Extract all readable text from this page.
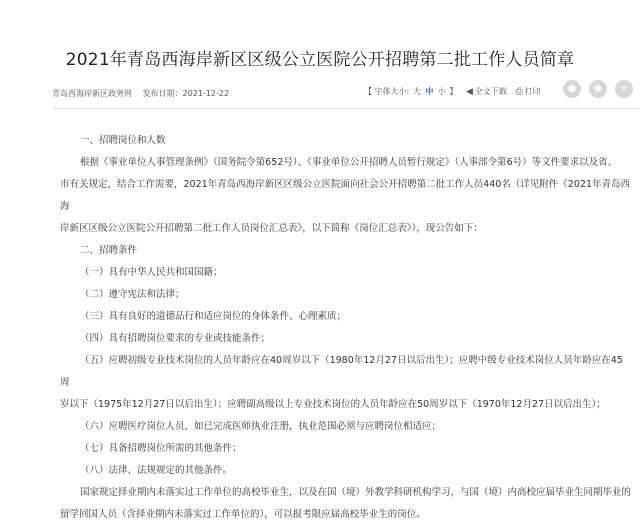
2021年青岛西海岸新区区级公立医院公开招聘第二批工作人员简章
青岛西海岸新区政务网 发布日期：2021-12-22	【 字体大小: 大 中 小 】 ◀ 全文下载 ⎙ 打印	●	◉	+

一、招聘岗位和人数

根据《事业单位人事管理条例》（国务院令第652号）、《事业单位公开招聘人员暂行规定》（人事部令第6号）等文件要求以及省、

市有关规定，结合工作需要，2021年青岛西海岸新区区级公立医院面向社会公开招聘第二批工作人员440名（详见附件《2021年青岛西海

岸新区区级公立医院公开招聘第二批工作人员岗位汇总表》，以下简称《岗位汇总表》），现公告如下：

二、招聘条件

（一）具有中华人民共和国国籍；

（二）遵守宪法和法律；

（三）具有良好的道德品行和适应岗位的身体条件、心理素质；

（四）具有招聘岗位要求的专业或技能条件；

（五）应聘初级专业技术岗位的人员年龄应在40周岁以下（1980年12月27日以后出生）；应聘中级专业技术岗位人员年龄应在45周

岁以下（1975年12月27日以后出生）；应聘副高级以上专业技术岗位的人员年龄应在50周岁以下（1970年12月27日以后出生）；

（六）应聘医疗岗位人员，如已完成医师执业注册，执业范围必须与应聘岗位相适应；

（七）具备招聘岗位所需的其他条件；

（八）法律、法规规定的其他条件。

国家规定择业期内未落实过工作单位的高校毕业生，以及在国（境）外教学科研机构学习，与国（境）内高校应届毕业生同期毕业的

留学回国人员（含择业期内未落实过工作单位的），可以报考限应届高校毕业生的岗位。
